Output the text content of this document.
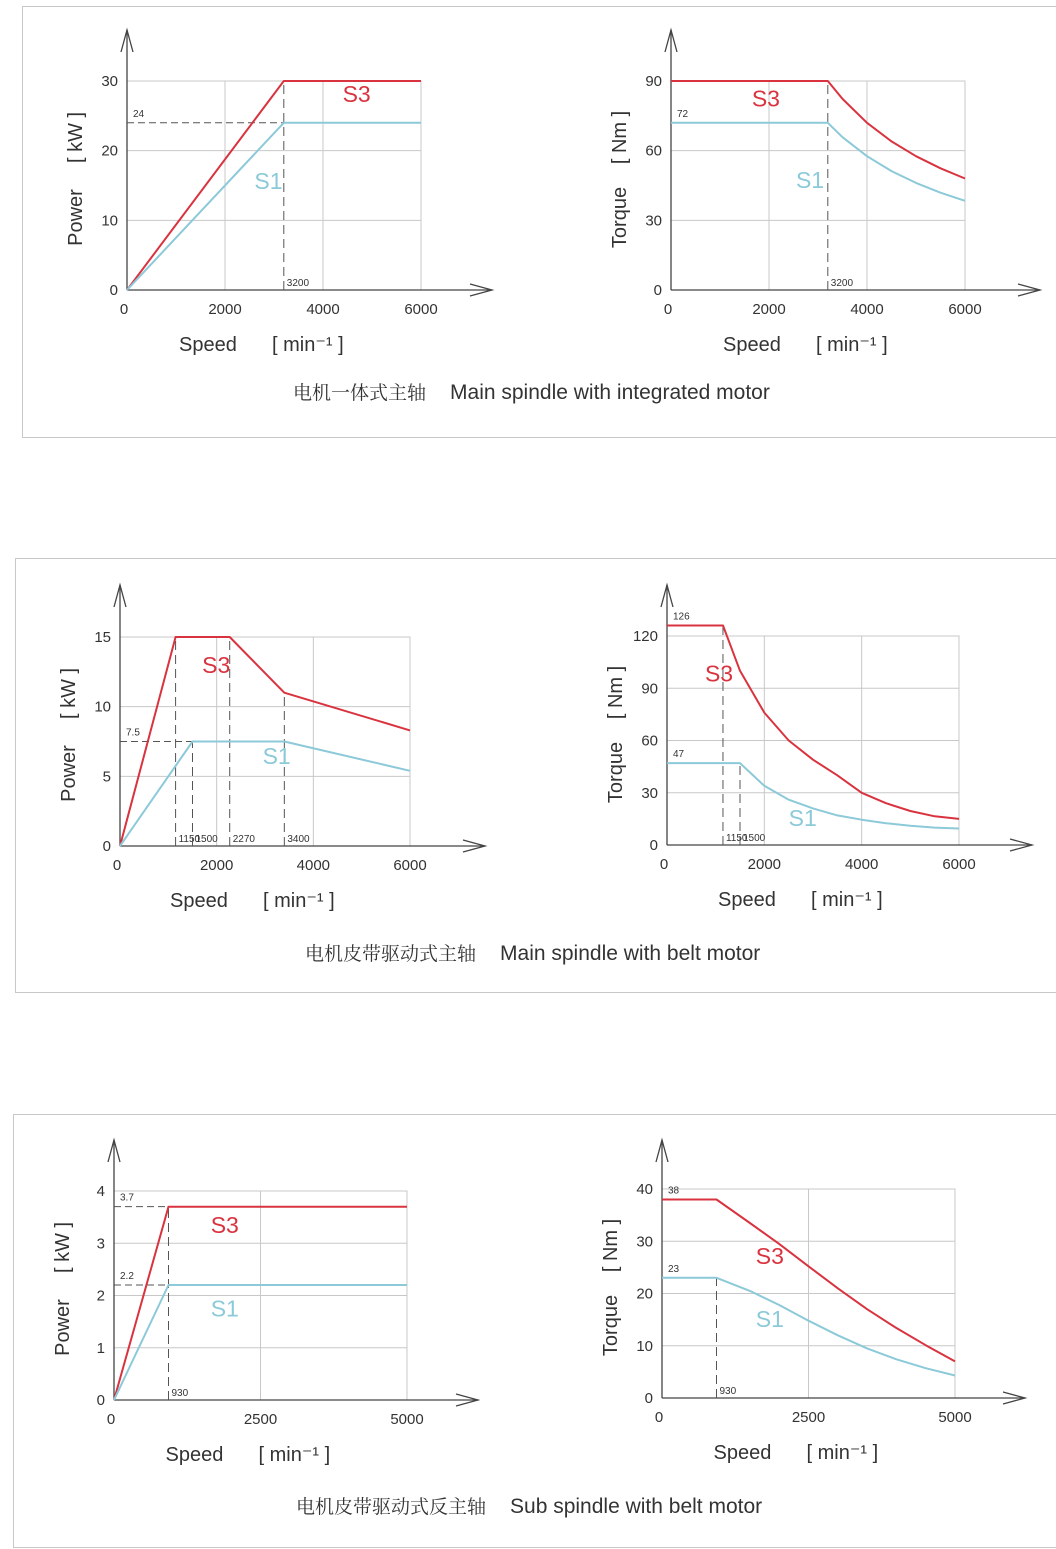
0	2000	4000	6000
0
10
20
30
Speed [ min⁻¹ ]
Power
[ kW ]	24
3200
S3
S1
0	2000	4000	6000
0
30
60
90
Speed [ min⁻¹ ]
Torque
[ Nm ]	72
3200
S3
S1
0	2000	4000	6000
0
5
10
15
Speed [ min⁻¹ ]
Power
[ kW ]
7.5
1150
1500 2270	3400
S3
S1
0	2000	4000	6000
0
30
60
90
120
Speed [ min⁻¹ ]
Torque
[ Nm ]
126
47
1150
1500
S3
S1
0	2500	5000
0
1
2
3
4
Speed [ min⁻¹ ]
Power
[ kW ]
3.7
2.2
930
S3
S1
0	2500	5000
0
10
20
30
40
Speed [ min⁻¹ ]
Torque
[ Nm ]
38
23
930
S3
S1
电机一体式主轴 Main spindle with integrated motor
电机皮带驱动式主轴 Main spindle with belt motor
电机皮带驱动式反主轴 Sub spindle with belt motor
